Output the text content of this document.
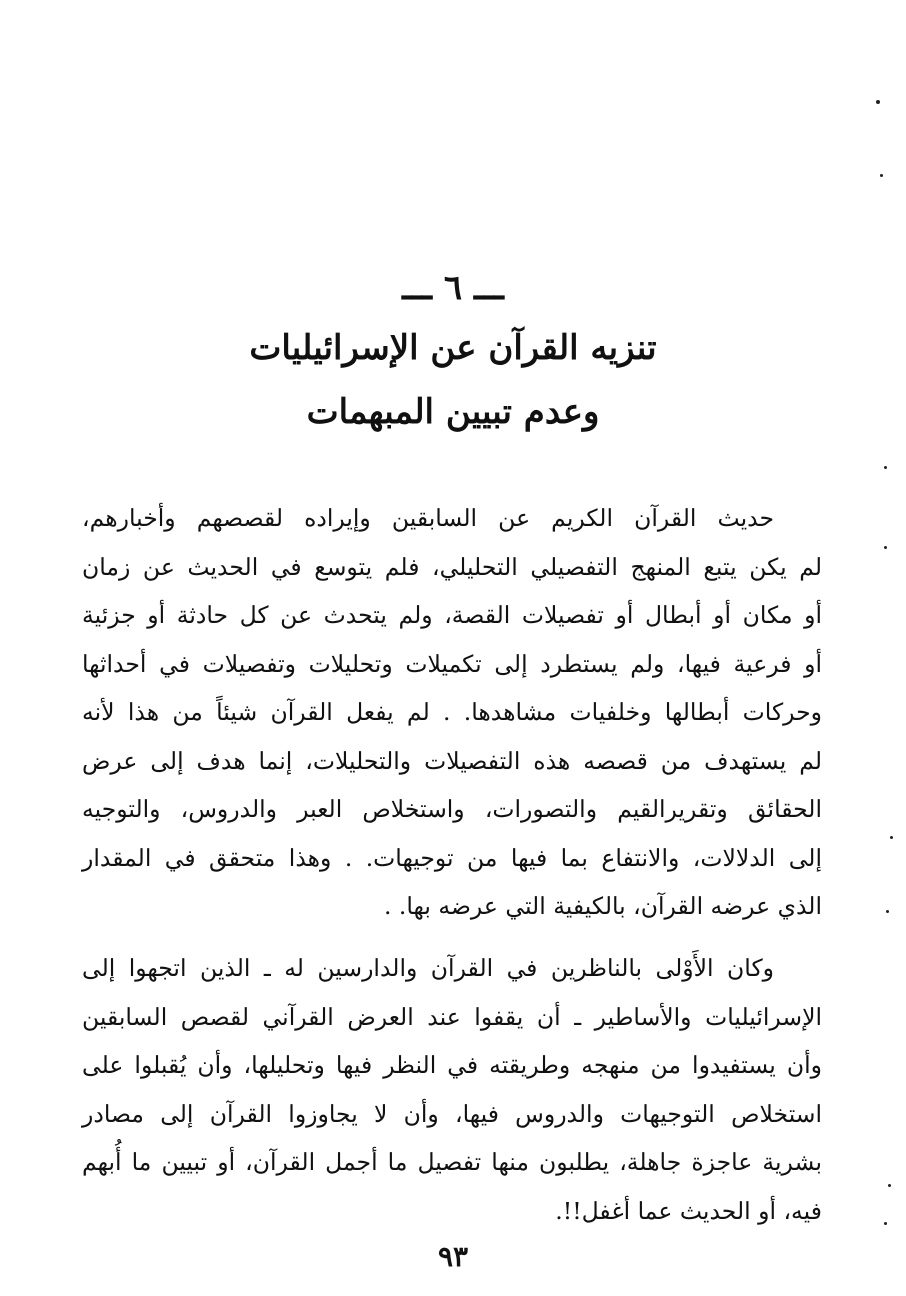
ـــ ٦ ـــ
تنزيه القرآن عن الإسرائيليات
وعدم تبيين المبهمات
حديث القرآن الكريم عن السابقين وإيراده لقصصهم وأخبارهم،
لم يكن يتبع المنهج التفصيلي التحليلي، فلم يتوسع في الحديث عن زمان
أو مكان أو أبطال أو تفصيلات القصة، ولم يتحدث عن كل حادثة أو جزئية
أو فرعية فيها، ولم يستطرد إلى تكميلات وتحليلات وتفصيلات في أحداثها
وحركات أبطالها وخلفيات مشاهدها. . لم يفعل القرآن شيئاً من هذا لأنه
لم يستهدف من قصصه هذه التفصيلات والتحليلات، إنما هدف إلى عرض
الحقائق وتقريرالقيم والتصورات، واستخلاص العبر والدروس، والتوجيه
إلى الدلالات، والانتفاع بما فيها من توجيهات. . وهذا متحقق في المقدار
الذي عرضه القرآن، بالكيفية التي عرضه بها. .
وكان الأَوْلى بالناظرين في القرآن والدارسين له ـ الذين اتجهوا إلى
الإسرائيليات والأساطير ـ أن يقفوا عند العرض القرآني لقصص السابقين
وأن يستفيدوا من منهجه وطريقته في النظر فيها وتحليلها، وأن يُقبلوا على
استخلاص التوجيهات والدروس فيها، وأن لا يجاوزوا القرآن إلى مصادر
بشرية عاجزة جاهلة، يطلبون منها تفصيل ما أجمل القرآن، أو تبيين ما أُبهم
فيه، أو الحديث عما أغفل!!.
٩٣
